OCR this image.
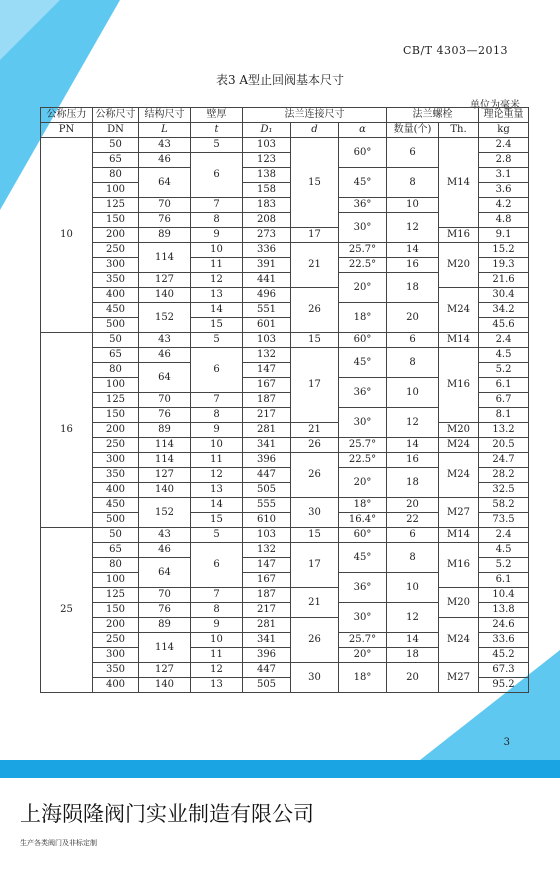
CB/T 4303—2013
表3 A型止回阀基本尺寸
单位为毫米
公称压力	公称尺寸	结构尺寸	壁厚	法兰连接尺寸			法兰螺栓		理论重量
PN	DN	L	t	D₁	d	α	数量(个)	Th.	kg
10	50	43	5	103	15	60°	6	M14	2.4
	65	46	6	123					2.8
	80	64		138		45°	8		3.1
	100			158					3.6
	125	70	7	183		36°	10		4.2
	150	76	8	208		30°	12		4.8
	200	89	9	273	17			M16	9.1
	250	114	10	336	21	25.7°	14	M20	15.2
	300		11	391		22.5°	16		19.3
	350	127	12	441		20°	18		21.6
	400	140	13	496	26			M24	30.4
	450	152	14	551		18°	20		34.2
	500		15	601					45.6
16	50	43	5	103	15	60°	6	M14	2.4
	65	46	6	132	17	45°	8	M16	4.5
	80	64		147					5.2
	100			167		36°	10		6.1
	125	70	7	187					6.7
	150	76	8	217		30°	12		8.1
	200	89	9	281	21			M20	13.2
	250	114	10	341	26	25.7°	14	M24	20.5
	300	114	11	396	26	22.5°	16	M24	24.7
	350	127	12	447		20°	18		28.2
	400	140	13	505					32.5
	450	152	14	555	30	18°	20	M27	58.2
	500		15	610		16.4°	22		73.5
25	50	43	5	103	15	60°	6	M14	2.4
	65	46	6	132	17	45°	8	M16	4.5
	80	64		147					5.2
	100			167		36°	10		6.1
	125	70	7	187	21			M20	10.4
	150	76	8	217		30°	12		13.8
	200	89	9	281	26			M24	24.6
	250	114	10	341		25.7°	14		33.6
	300		11	396		20°	18		45.2
	350	127	12	447	30	18°	20	M27	67.3
	400	140	13	505					95.2
3
上海陨隆阀门实业制造有限公司
生产各类阀门及非标定制
